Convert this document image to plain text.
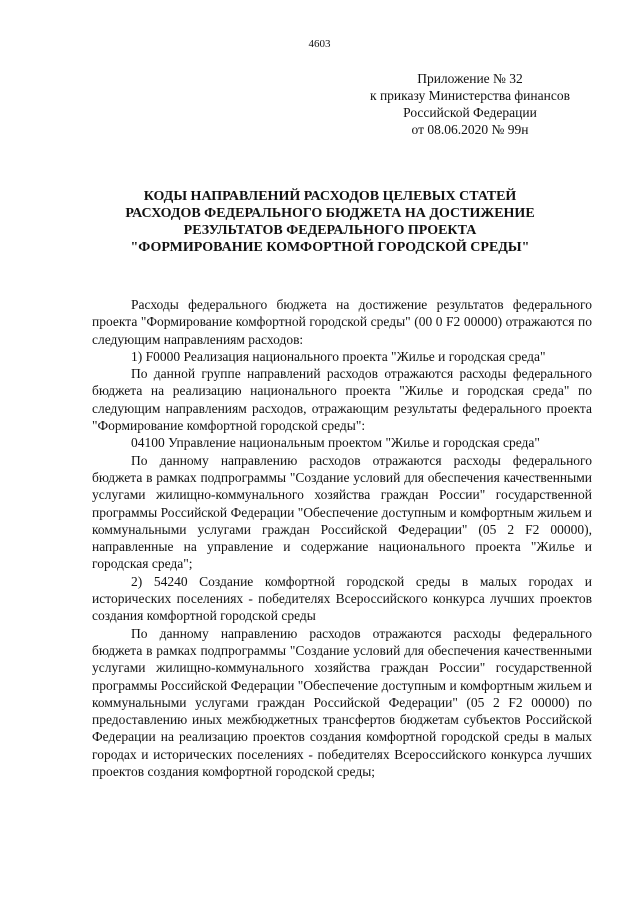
4603
Приложение № 32
к приказу Министерства финансов
Российской Федерации
от 08.06.2020 № 99н
КОДЫ НАПРАВЛЕНИЙ РАСХОДОВ ЦЕЛЕВЫХ СТАТЕЙ
РАСХОДОВ ФЕДЕРАЛЬНОГО БЮДЖЕТА НА ДОСТИЖЕНИЕ
РЕЗУЛЬТАТОВ ФЕДЕРАЛЬНОГО ПРОЕКТА
"ФОРМИРОВАНИЕ КОМФОРТНОЙ ГОРОДСКОЙ СРЕДЫ"

Расходы федерального бюджета на достижение результатов федерального проекта "Формирование комфортной городской среды" (00 0 F2 00000) отражаются по следующим направлениям расходов:

1) F0000 Реализация национального проекта "Жилье и городская среда"

По данной группе направлений расходов отражаются расходы федерального бюджета на реализацию национального проекта "Жилье и городская среда" по следующим направлениям расходов, отражающим результаты федерального проекта "Формирование комфортной городской среды":

04100 Управление национальным проектом "Жилье и городская среда"

По данному направлению расходов отражаются расходы федерального бюджета в рамках подпрограммы "Создание условий для обеспечения качественными услугами жилищно-коммунального хозяйства граждан России" государственной программы Российской Федерации "Обеспечение доступным и комфортным жильем и коммунальными услугами граждан Российской Федерации" (05 2 F2 00000), направленные на управление и содержание национального проекта "Жилье и городская среда";

2) 54240 Создание комфортной городской среды в малых городах и исторических поселениях - победителях Всероссийского конкурса лучших проектов создания комфортной городской среды

По данному направлению расходов отражаются расходы федерального бюджета в рамках подпрограммы "Создание условий для обеспечения качественными услугами жилищно-коммунального хозяйства граждан России" государственной программы Российской Федерации "Обеспечение доступным и комфортным жильем и коммунальными услугами граждан Российской Федерации" (05 2 F2 00000) по предоставлению иных межбюджетных трансфертов бюджетам субъектов Российской Федерации на реализацию проектов создания комфортной городской среды в малых городах и исторических поселениях - победителях Всероссийского конкурса лучших проектов создания комфортной городской среды;
